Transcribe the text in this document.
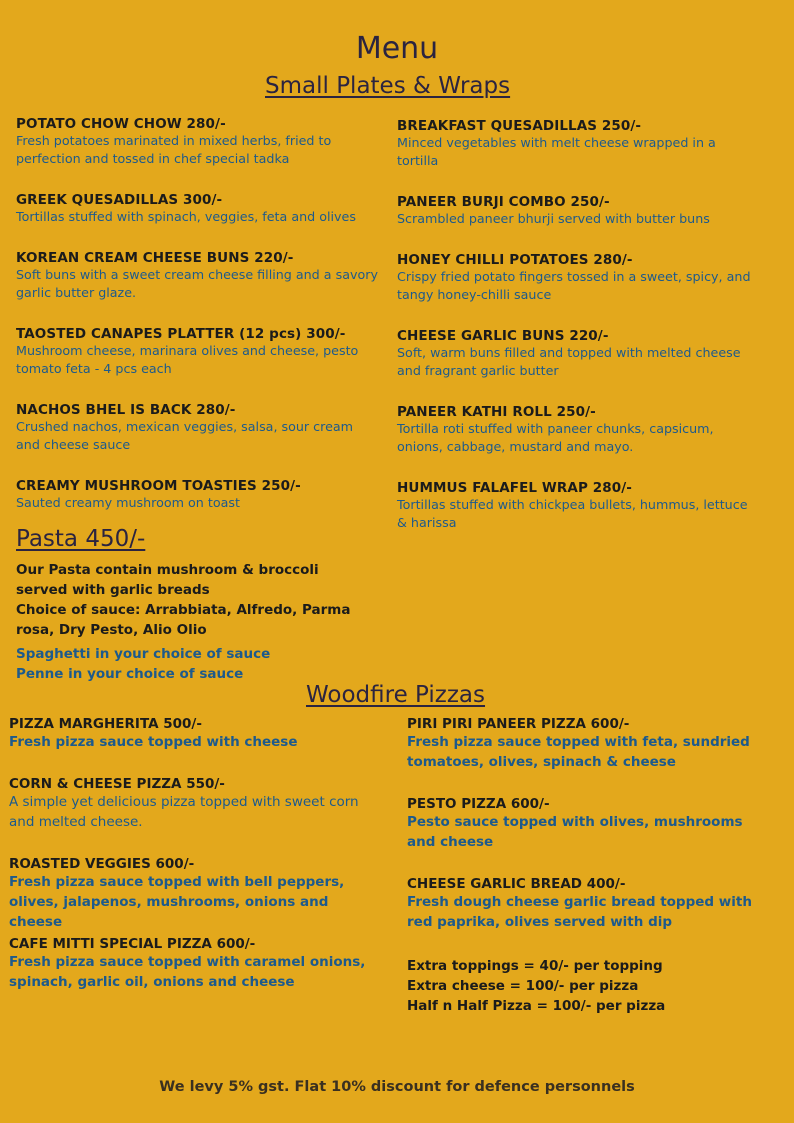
Menu
Small Plates & Wraps
POTATO CHOW CHOW 280/-
Fresh potatoes marinated in mixed herbs, fried to perfection and tossed in chef special tadka
GREEK QUESADILLAS 300/-
Tortillas stuffed with spinach, veggies, feta and olives
KOREAN CREAM CHEESE BUNS 220/-
Soft buns with a sweet cream cheese filling and a savory garlic butter glaze.
TAOSTED CANAPES PLATTER (12 pcs) 300/-
Mushroom cheese, marinara olives and cheese, pesto tomato feta - 4 pcs each
NACHOS BHEL IS BACK 280/-
Crushed nachos, mexican veggies, salsa, sour cream and cheese sauce
CREAMY MUSHROOM TOASTIES 250/-
Sauted creamy mushroom on toast
BREAKFAST QUESADILLAS 250/-
Minced vegetables with melt cheese wrapped in a tortilla
PANEER BURJI COMBO 250/-
Scrambled paneer bhurji served with butter buns
HONEY CHILLI POTATOES 280/-
Crispy fried potato fingers tossed in a sweet, spicy, and tangy honey-chilli sauce
CHEESE GARLIC BUNS 220/-
Soft, warm buns filled and topped with melted cheese and fragrant garlic butter
PANEER KATHI ROLL 250/-
Tortilla roti stuffed with paneer chunks, capsicum, onions, cabbage, mustard and mayo.
HUMMUS FALAFEL WRAP 280/-
Tortillas stuffed with chickpea bullets, hummus, lettuce & harissa
Pasta 450/-
Our Pasta contain mushroom & broccoli served with garlic breads
Choice of sauce: Arrabbiata, Alfredo, Parma rosa, Dry Pesto, Alio Olio
Spaghetti in your choice of sauce
Penne in your choice of sauce
Woodfire Pizzas
PIZZA MARGHERITA 500/-
Fresh pizza sauce topped with cheese
CORN & CHEESE PIZZA 550/-
A simple yet delicious pizza topped with sweet corn and melted cheese.
ROASTED VEGGIES 600/-
Fresh pizza sauce topped with bell peppers, olives, jalapenos, mushrooms, onions and cheese
CAFE MITTI SPECIAL PIZZA 600/-
Fresh pizza sauce topped with caramel onions, spinach, garlic oil, onions and cheese
PIRI PIRI PANEER PIZZA 600/-
Fresh pizza sauce topped with feta, sundried tomatoes, olives, spinach & cheese
PESTO PIZZA 600/-
Pesto sauce topped with olives, mushrooms and cheese
CHEESE GARLIC BREAD 400/-
Fresh dough cheese garlic bread topped with red paprika, olives served with dip
Extra toppings = 40/- per topping
Extra cheese = 100/- per pizza
Half n Half Pizza = 100/- per pizza
We levy 5% gst. Flat 10% discount for defence personnels
